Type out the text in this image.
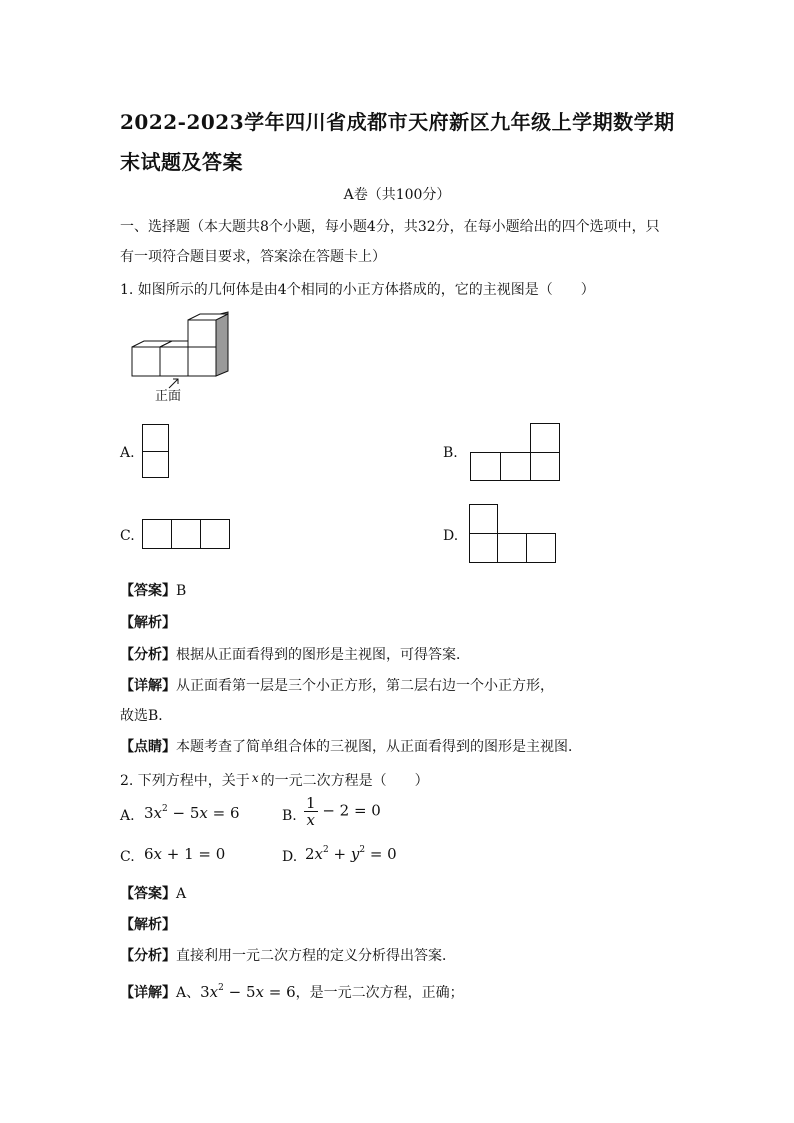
2022-2023学年四川省成都市天府新区九年级上学期数学期
末试题及答案
A卷（共100分）
一、选择题（本大题共8个小题，每小题4分，共32分，在每小题给出的四个选项中，只
有一项符合题目要求，答案涂在答题卡上）
1. 如图所示的几何体是由4个相同的小正方体搭成的，它的主视图是（　　）
正面
A.	B.
C.	D.
【答案】B
【解析】
【分析】根据从正面看得到的图形是主视图，可得答案．
【详解】从正面看第一层是三个小正方形，第二层右边一个小正方形，
故选B．
【点睛】本题考查了简单组合体的三视图，从正面看得到的图形是主视图．
2. 下列方程中，关于 x 的一元二次方程是（　　）
A. $3x^2 - 5x = 6$	B. $\frac{1}{x} - 2 = 0$
C. 6x + 1 = 0	D. $2x^2 + y^2 = 0$
【答案】A
【解析】
【分析】直接利用一元二次方程的定义分析得出答案．
【详解】A、$3x^2 - 5x = 6$，是一元二次方程，正确；
